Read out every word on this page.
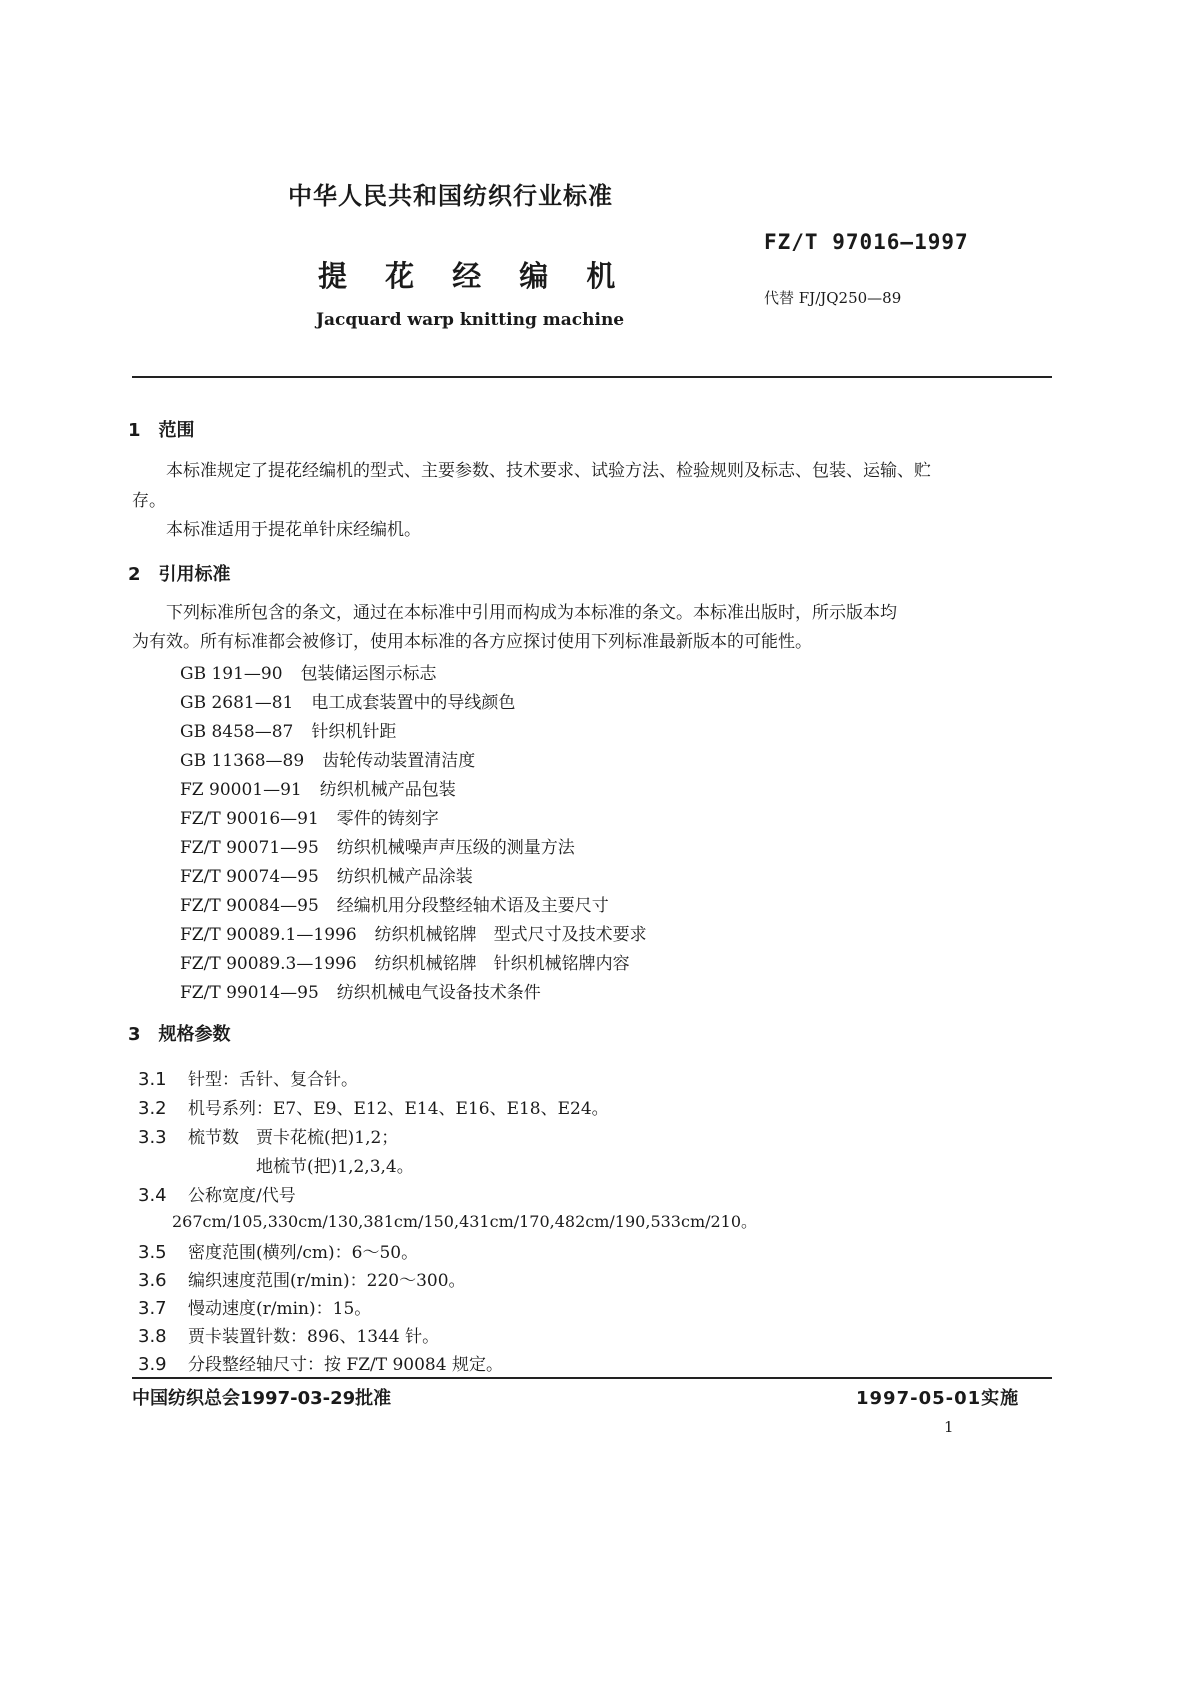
中华人民共和国纺织行业标准
FZ/T 97016—1997
提 花 经 编 机
代替 FJ/JQ250—89
Jacquard warp knitting machine
1　范围
本标准规定了提花经编机的型式、主要参数、技术要求、试验方法、检验规则及标志、包装、运输、贮
存。
本标准适用于提花单针床经编机。
2　引用标准
下列标准所包含的条文，通过在本标准中引用而构成为本标准的条文。本标准出版时，所示版本均
为有效。所有标准都会被修订，使用本标准的各方应探讨使用下列标准最新版本的可能性。
GB 191—90 包装储运图示标志
GB 2681—81 电工成套装置中的导线颜色
GB 8458—87 针织机针距
GB 11368—89 齿轮传动装置清洁度
FZ 90001—91 纺织机械产品包装
FZ/T 90016—91 零件的铸刻字
FZ/T 90071—95 纺织机械噪声声压级的测量方法
FZ/T 90074—95 纺织机械产品涂装
FZ/T 90084—95 经编机用分段整经轴术语及主要尺寸
FZ/T 90089.1—1996 纺织机械铭牌　型式尺寸及技术要求
FZ/T 90089.3—1996 纺织机械铭牌　针织机械铭牌内容
FZ/T 99014—95 纺织机械电气设备技术条件
3　规格参数
3.1 针型：舌针、复合针。
3.2 机号系列：E7、E9、E12、E14、E16、E18、E24。
3.3 梳节数　贾卡花梳(把)1,2；
地梳节(把)1,2,3,4。
3.4 公称宽度/代号
267cm/105,330cm/130,381cm/150,431cm/170,482cm/190,533cm/210。
3.5 密度范围(横列/cm)：6～50。
3.6 编织速度范围(r/min)：220～300。
3.7 慢动速度(r/min)：15。
3.8 贾卡装置针数：896、1344 针。
3.9 分段整经轴尺寸：按 FZ/T 90084 规定。
中国纺织总会1997-03-29批准	1997-05-01实施
1
